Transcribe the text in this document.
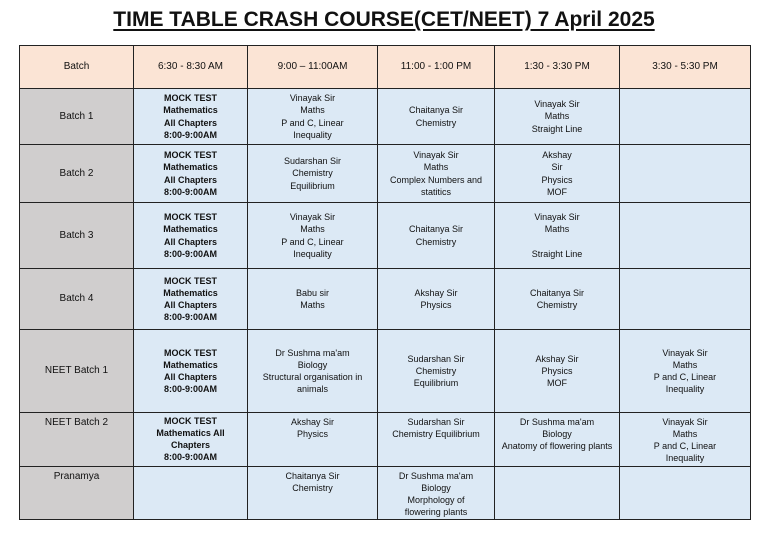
TIME TABLE CRASH COURSE(CET/NEET) 7 April 2025
Batch	6:30 - 8:30 AM	9:00 – 11:00AM	11:00 - 1:00 PM	1:30 - 3:30 PM	3:30 - 5:30 PM
Batch 1	MOCK TEST
Mathematics
All Chapters
8:00-9:00AM	Vinayak Sir
Maths
P and C, Linear
Inequality	Chaitanya Sir
Chemistry	Vinayak Sir
Maths
Straight Line	

Batch 2	MOCK TEST
Mathematics
All Chapters
8:00-9:00AM	Sudarshan Sir
Chemistry
Equilibrium	Vinayak Sir
Maths
Complex Numbers and
statitics	Akshay
Sir
Physics
MOF	

Batch 3	MOCK TEST
Mathematics
All Chapters
8:00-9:00AM	Vinayak Sir
Maths
P and C, Linear
Inequality	Chaitanya Sir
Chemistry	Vinayak Sir
Maths

Straight Line	

Batch 4	MOCK TEST
Mathematics
All Chapters
8:00-9:00AM	Babu sir
Maths	Akshay Sir
Physics	Chaitanya Sir
Chemistry	

NEET Batch 1	MOCK TEST
Mathematics
All Chapters
8:00-9:00AM	Dr Sushma ma'am
Biology
Structural organisation in
animals	Sudarshan Sir
Chemistry
Equilibrium	Akshay Sir
Physics
MOF	Vinayak Sir
Maths
P and C, Linear
Inequality

NEET Batch 2	MOCK TEST
Mathematics All Chapters
8:00-9:00AM	Akshay Sir
Physics	Sudarshan Sir
Chemistry Equilibrium	Dr Sushma ma'am
Biology
Anatomy of flowering plants	Vinayak Sir
Maths
P and C, Linear
Inequality

Pranamya		Chaitanya Sir
Chemistry	Dr Sushma ma'am
Biology
Morphology of
flowering plants		
